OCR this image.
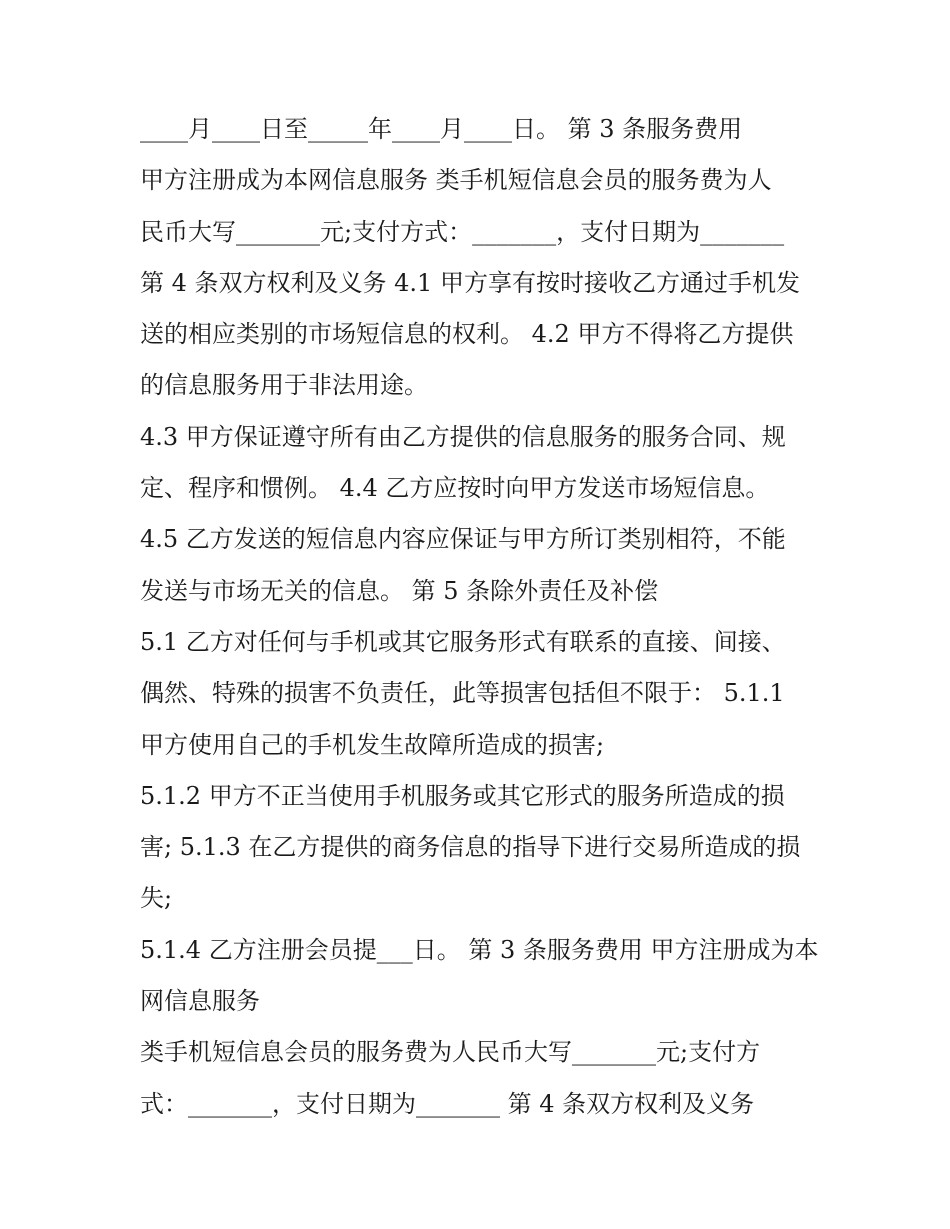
____月____日至_____年____月____日。 第 3 条服务费用
甲方注册成为本网信息服务 类手机短信息会员的服务费为人
民币大写_______元;支付方式：_______，支付日期为_______
第 4 条双方权利及义务 4.1 甲方享有按时接收乙方通过手机发
送的相应类别的市场短信息的权利。 4.2 甲方不得将乙方提供
的信息服务用于非法用途。
4.3 甲方保证遵守所有由乙方提供的信息服务的服务合同、规
定、程序和惯例。 4.4 乙方应按时向甲方发送市场短信息。
4.5 乙方发送的短信息内容应保证与甲方所订类别相符，不能
发送与市场无关的信息。 第 5 条除外责任及补偿
5.1 乙方对任何与手机或其它服务形式有联系的直接、间接、
偶然、特殊的损害不负责任，此等损害包括但不限于： 5.1.1
甲方使用自己的手机发生故障所造成的损害;
5.1.2 甲方不正当使用手机服务或其它形式的服务所造成的损
害; 5.1.3 在乙方提供的商务信息的指导下进行交易所造成的损
失;
5.1.4 乙方注册会员提___日。 第 3 条服务费用 甲方注册成为本
网信息服务
类手机短信息会员的服务费为人民币大写_______元;支付方
式：_______，支付日期为_______ 第 4 条双方权利及义务
